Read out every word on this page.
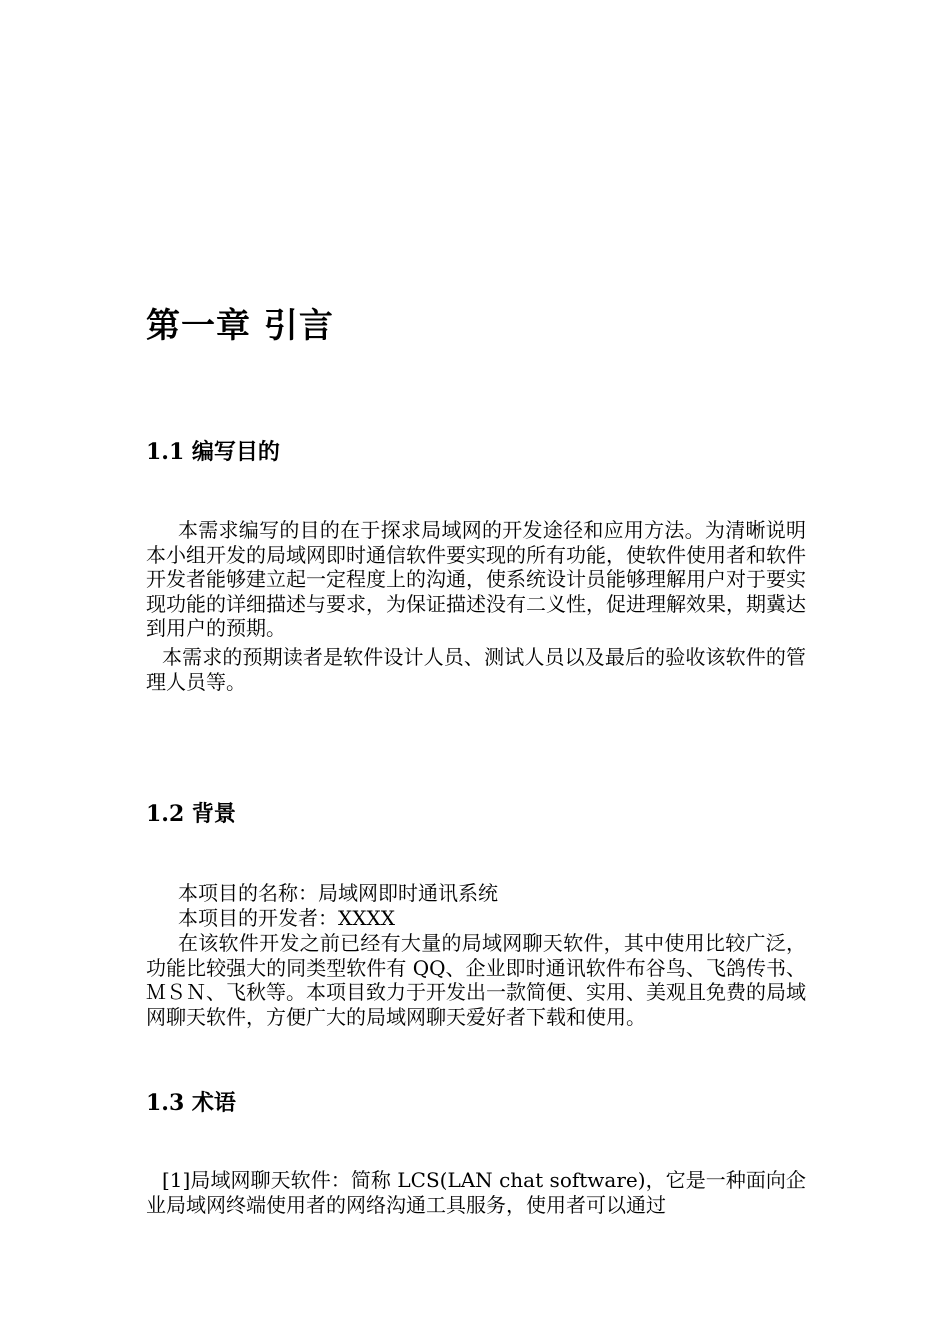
第一章 引言
1.1 编写目的

本需求编写的目的在于探求局域网的开发途径和应用方法。为清晰说明本小组开发的局域网即时通信软件要实现的所有功能，使软件使用者和软件开发者能够建立起一定程度上的沟通，使系统设计员能够理解用户对于要实现功能的详细描述与要求，为保证描述没有二义性，促进理解效果，期冀达到用户的预期。

本需求的预期读者是软件设计人员、测试人员以及最后的验收该软件的管理人员等。

1.2 背景

本项目的名称：局域网即时通讯系统

本项目的开发者：XXXX

在该软件开发之前已经有大量的局域网聊天软件，其中使用比较广泛，功能比较强大的同类型软件有 QQ、企业即时通讯软件布谷鸟、飞鸽传书、ＭＳＮ、飞秋等。本项目致力于开发出一款简便、实用、美观且免费的局域网聊天软件，方便广大的局域网聊天爱好者下载和使用。

1.3 术语

[1]局域网聊天软件：简称 LCS(LAN chat software)，它是一种面向企业局域网终端使用者的网络沟通工具服务，使用者可以通过
